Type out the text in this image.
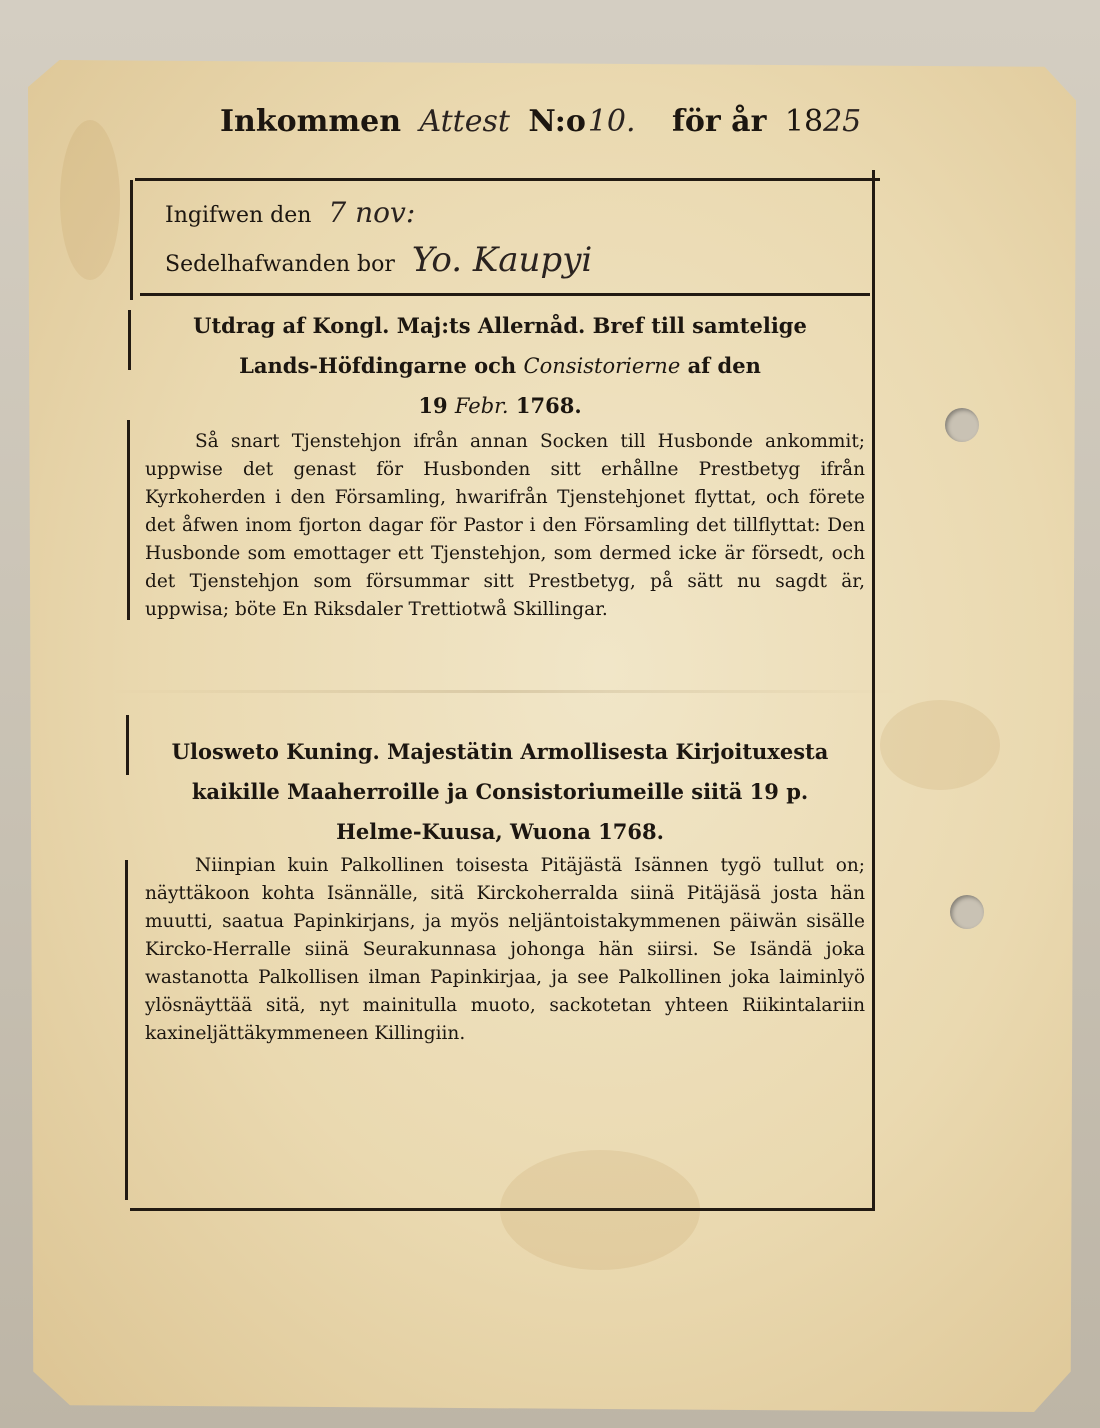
Inkommen Attest N:o10. för år 1825
Ingifwen den 7 nov:
Sedelhafwanden bor Yo. Kaupyi
Utdrag af Kongl. Maj:ts Allernåd. Bref till samtelige
Lands-Höfdingarne och Consistorierne af den
19 Febr. 1768.
Så snart Tjenstehjon ifrån annan Socken till Husbonde ankommit; uppwise det genast för Husbonden sitt erhållne Prestbetyg ifrån Kyrkoherden i den Församling, hwarifrån Tjenstehjonet flyttat, och förete det åfwen inom fjorton dagar för Pastor i den Församling det tillflyttat: Den Husbonde som emottager ett Tjenstehjon, som dermed icke är försedt, och det Tjenstehjon som försummar sitt Prestbetyg, på sätt nu sagdt är, uppwisa; böte En Riksdaler Trettiotwå Skillingar.
Ulosweto Kuning. Majestätin Armollisesta Kirjoituxesta
kaikille Maaherroille ja Consistoriumeille siitä 19 p.
Helme-Kuusa, Wuona 1768.
Niinpian kuin Palkollinen toisesta Pitäjästä Isännen tygö tullut on; näyttäkoon kohta Isännälle, sitä Kirckoherralda siinä Pitäjäsä josta hän muutti, saatua Papinkirjans, ja myös neljäntoistakymmenen päiwän sisälle Kircko-Herralle siinä Seurakunnasa johonga hän siirsi. Se Isändä joka wastanotta Palkollisen ilman Papinkirjaa, ja see Palkollinen joka laiminlyö ylösnäyttää sitä, nyt mainitulla muoto, sackotetan yhteen Riikintalariin kaxineljättäkymmeneen Killingiin.
